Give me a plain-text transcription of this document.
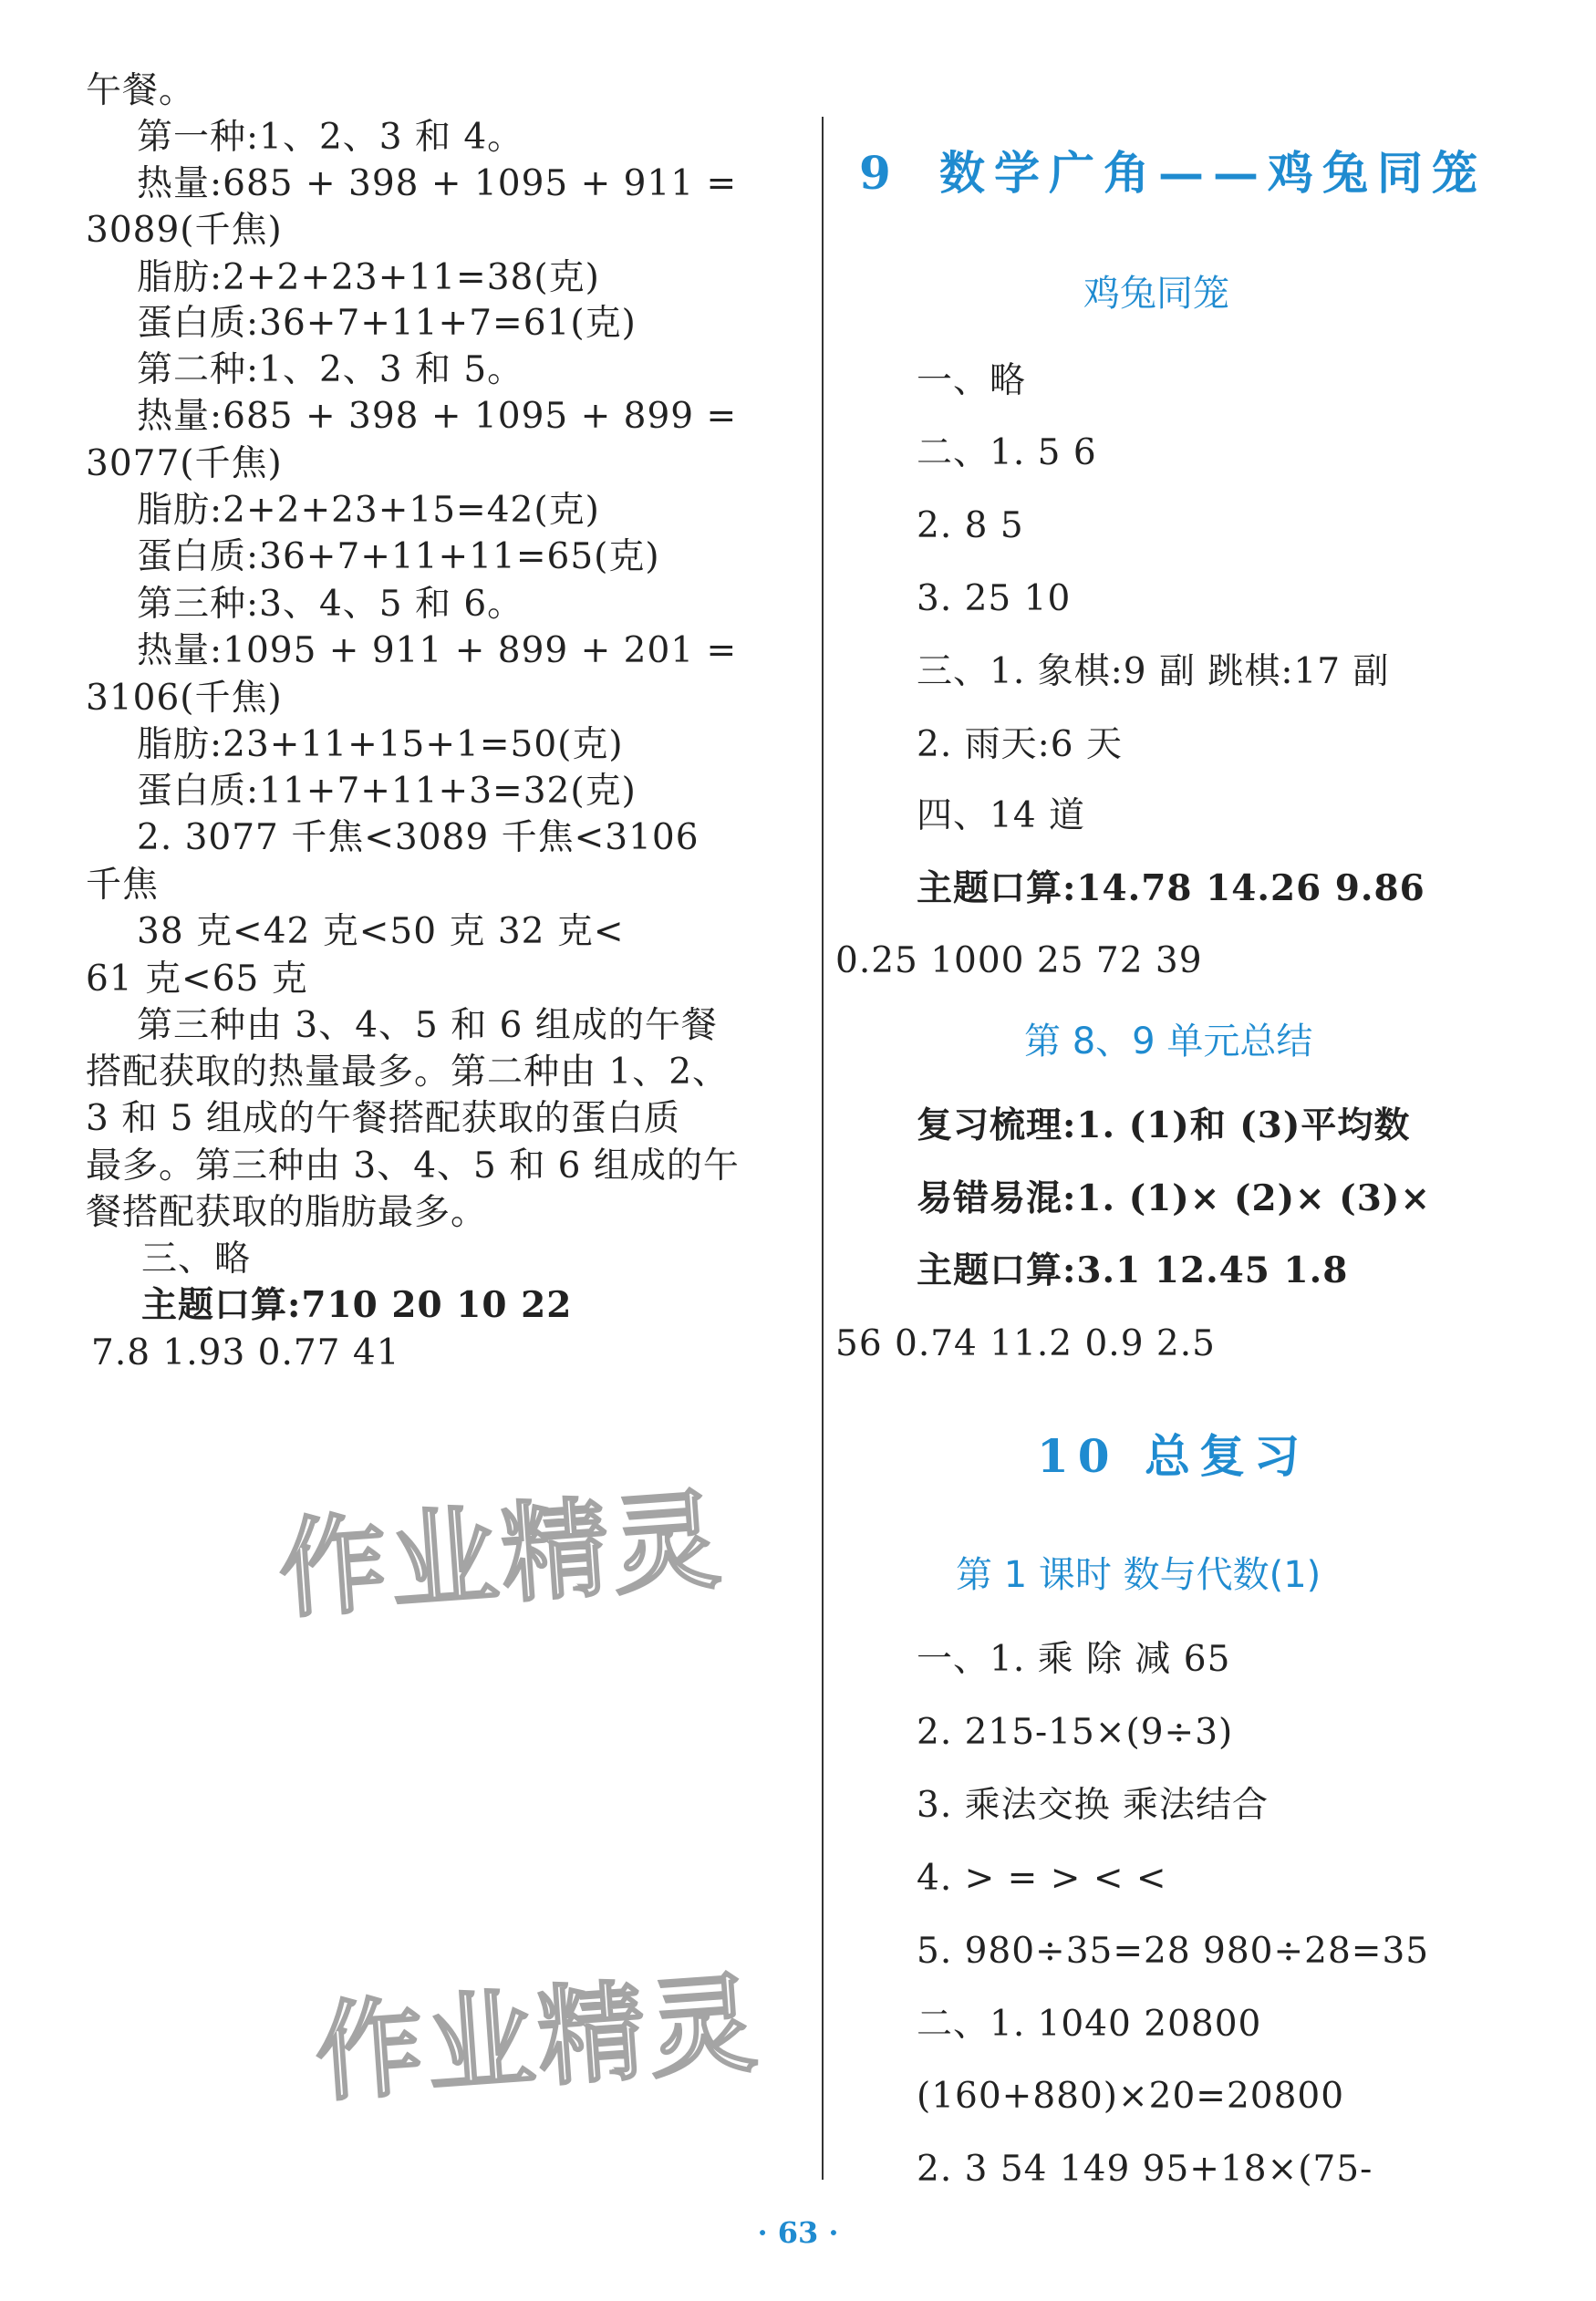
午餐。
第一种:1、2、3 和 4。
热量:685 + 398 + 1095 + 911 =
3089(千焦)
脂肪:2+2+23+11=38(克)
蛋白质:36+7+11+7=61(克)
第二种:1、2、3 和 5。
热量:685 + 398 + 1095 + 899 =
3077(千焦)
脂肪:2+2+23+15=42(克)
蛋白质:36+7+11+11=65(克)
第三种:3、4、5 和 6。
热量:1095 + 911 + 899 + 201 =
3106(千焦)
脂肪:23+11+15+1=50(克)
蛋白质:11+7+11+3=32(克)
2. 3077 千焦<3089 千焦<3106
千焦
38 克<42 克<50 克 32 克<
61 克<65 克
第三种由 3、4、5 和 6 组成的午餐
搭配获取的热量最多。第二种由 1、2、
3 和 5 组成的午餐搭配获取的蛋白质
最多。第三种由 3、4、5 和 6 组成的午
餐搭配获取的脂肪最多。
三、略
主题口算:710 20 10 22
7.8 1.93 0.77 41
9 数学广角——鸡兔同笼
鸡兔同笼
一、略
二、1. 5 6
2. 8 5
3. 25 10
三、1. 象棋:9 副 跳棋:17 副
2. 雨天:6 天
四、14 道
主题口算:14.78 14.26 9.86
0.25 1000 25 72 39
第 8、9 单元总结
复习梳理:1. (1)和 (3)平均数
易错易混:1. (1)× (2)× (3)×
主题口算:3.1 12.45 1.8
56 0.74 11.2 0.9 2.5
10 总复习
第 1 课时 数与代数(1)
一、1. 乘 除 减 65
2. 215-15×(9÷3)
3. 乘法交换 乘法结合
4. > = > < <
5. 980÷35=28 980÷28=35
二、1. 1040 20800
(160+880)×20=20800
2. 3 54 149 95+18×(75-
· 63 ·
作业精灵
作业精灵
